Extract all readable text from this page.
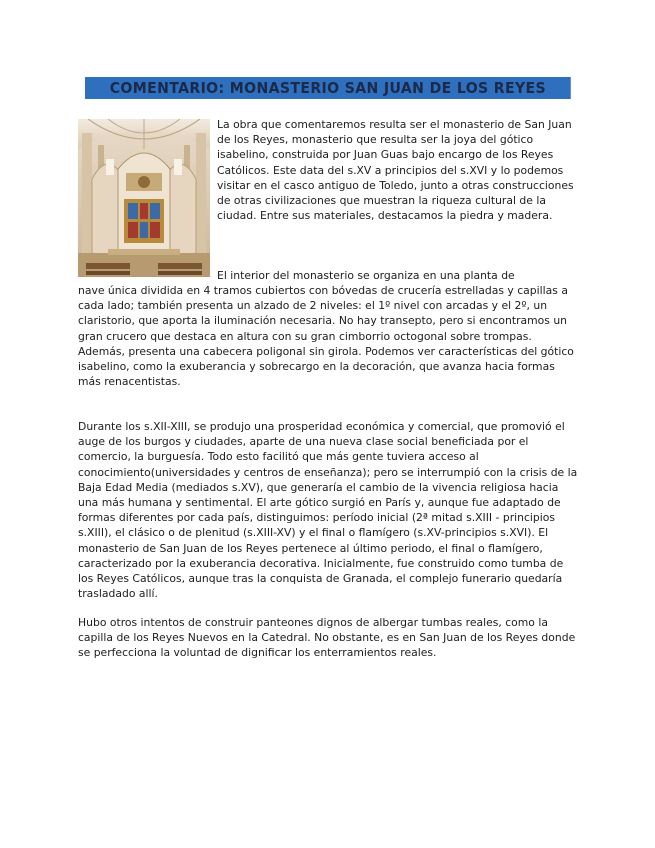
COMENTARIO: MONASTERIO SAN JUAN DE LOS REYES

La obra que comentaremos resulta ser el monasterio de San Juan de los Reyes, monasterio que resulta ser la joya del gótico isabelino, construida por Juan Guas bajo encargo de los Reyes Católicos. Este data del s.XV a principios del s.XVI y lo podemos visitar en el casco antiguo de Toledo, junto a otras construcciones de otras civilizaciones que muestran la riqueza cultural de la ciudad. Entre sus materiales, destacamos la piedra y madera.

El interior del monasterio se organiza en una planta de

nave única dividida en 4 tramos cubiertos con bóvedas de crucería estrelladas y capillas a cada lado; también presenta un alzado de 2 niveles: el 1º nivel con arcadas y el 2º, un claristorio, que aporta la iluminación necesaria. No hay transepto, pero si encontramos un gran crucero que destaca en altura con su gran cimborrio octogonal sobre trompas. Además, presenta una cabecera poligonal sin girola. Podemos ver características del gótico isabelino, como la exuberancia y sobrecargo en la decoración, que avanza hacia formas más renacentistas.

Durante los s.XII-XIII, se produjo una prosperidad económica y comercial, que promovió el auge de los burgos y ciudades, aparte de una nueva clase social beneficiada por el comercio, la burguesía. Todo esto facilitó que más gente tuviera acceso al conocimiento(universidades y centros de enseñanza); pero se interrumpió con la crisis de la Baja Edad Media (mediados s.XV), que generaría el cambio de la vivencia religiosa hacia una más humana y sentimental. El arte gótico surgió en París y, aunque fue adaptado de formas diferentes por cada país, distinguimos: período inicial (2ª mitad s.XIII - principios s.XIII), el clásico o de plenitud (s.XIII-XV) y el final o flamígero (s.XV-principios s.XVI). El monasterio de San Juan de los Reyes pertenece al último periodo, el final o flamígero, caracterizado por la exuberancia decorativa. Inicialmente, fue construido como tumba de los Reyes Católicos, aunque tras la conquista de Granada, el complejo funerario quedaría trasladado allí.

Hubo otros intentos de construir panteones dignos de albergar tumbas reales, como la capilla de los Reyes Nuevos en la Catedral. No obstante, es en San Juan de los Reyes donde se perfecciona la voluntad de dignificar los enterramientos reales.
